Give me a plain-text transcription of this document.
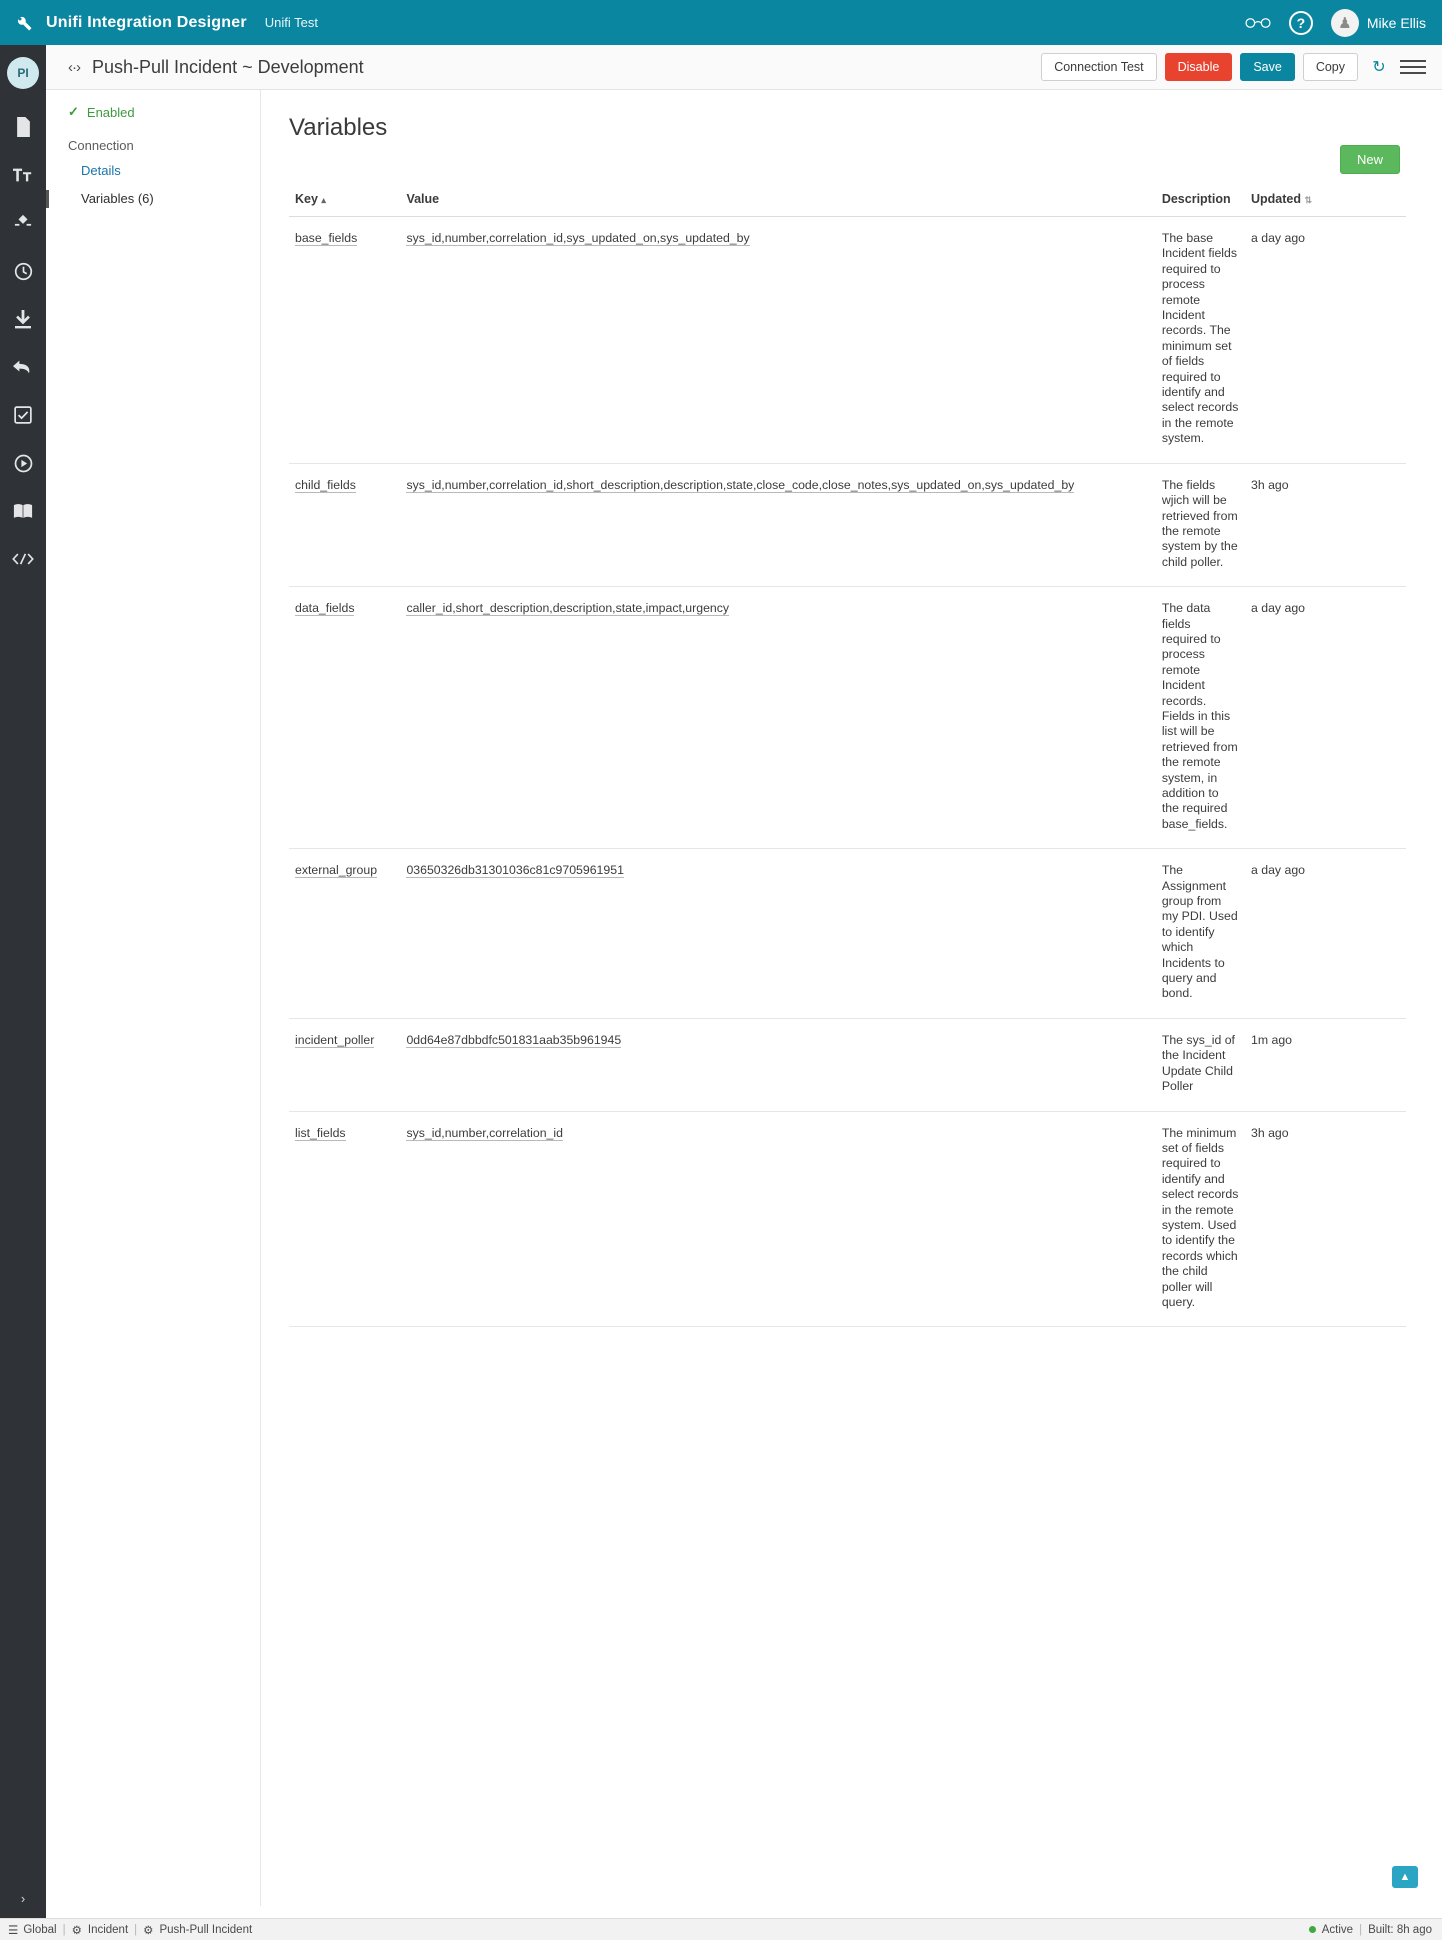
Unifi Integration Designer Unifi Test	?	♟	Mike Ellis
PI
›
‹·› Push-Pull Incident ~ Development	Connection Test	Disable	Save	Copy	↻
✓ Enabled
Connection
Details
Variables (6)
Variables
New
Key ▴	Value	Description	Updated ⇅
base_fields	sys_id,number,correlation_id,sys_updated_on,sys_updated_by	The base Incident fields required to process remote Incident records. The minimum set of fields required to identify and select records in the remote system.	a day ago
child_fields	sys_id,number,correlation_id,short_description,description,state,close_code,close_notes,sys_updated_on,sys_updated_by	The fields wjich will be retrieved from the remote system by the child poller.	3h ago
data_fields	caller_id,short_description,description,state,impact,urgency	The data fields required to process remote Incident records. Fields in this list will be retrieved from the remote system, in addition to the required base_fields.	a day ago
external_group	03650326db31301036c81c9705961951	The Assignment group from my PDI. Used to identify which Incidents to query and bond.	a day ago
incident_poller	0dd64e87dbbdfc501831aab35b961945	The sys_id of the Incident Update Child Poller	1m ago
list_fields	sys_id,number,correlation_id	The minimum set of fields required to identify and select records in the remote system. Used to identify the records which the child poller will query.	3h ago
▲
☰ Global | ⚙ Incident | ⚙ Push-Pull Incident	Active | Built: 8h ago
